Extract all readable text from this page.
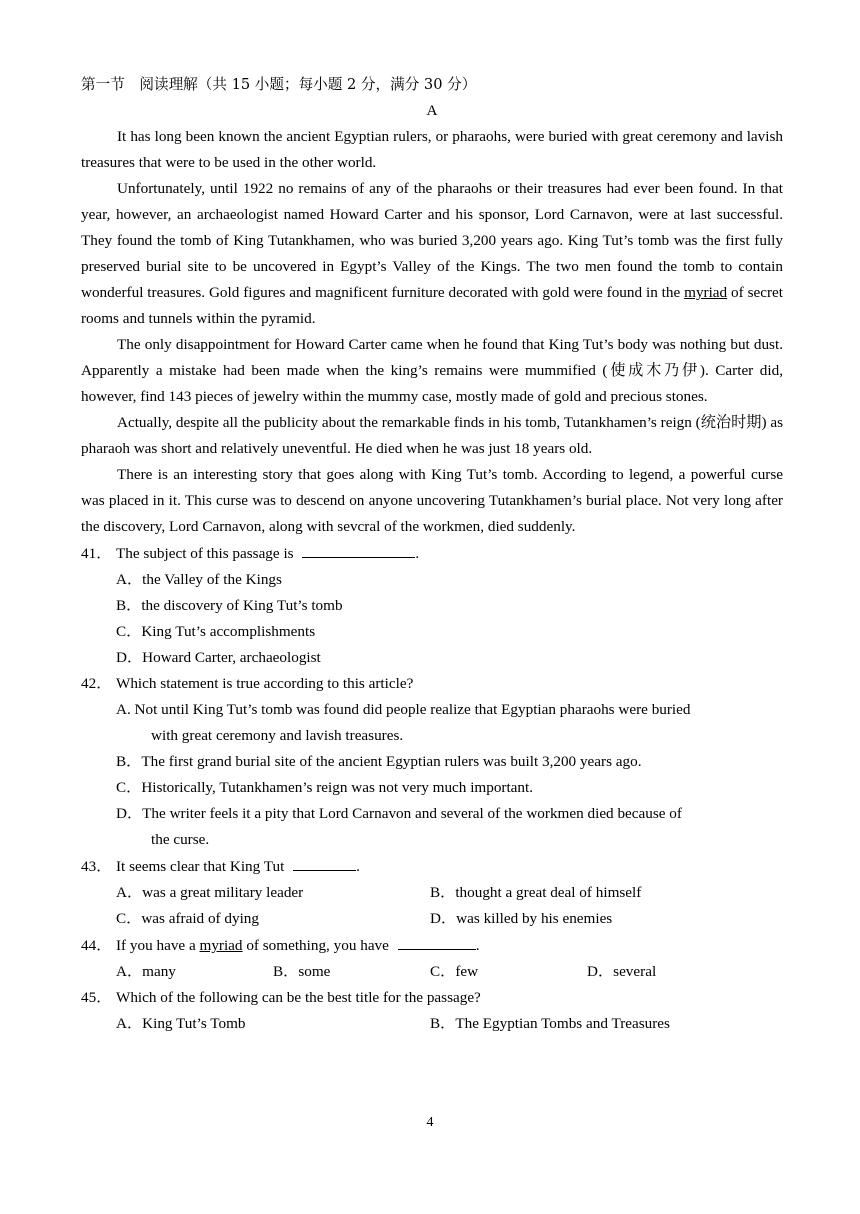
第一节　阅读理解（共 15 小题；每小题 2 分，满分 30 分）
A

It has long been known the ancient Egyptian rulers, or pharaohs, were buried with great ceremony and lavish treasures that were to be used in the other world.

Unfortunately, until 1922 no remains of any of the pharaohs or their treasures had ever been found. In that year, however, an archaeologist named Howard Carter and his sponsor, Lord Carnavon, were at last successful. They found the tomb of King Tutankhamen, who was buried 3,200 years ago. King Tut’s tomb was the first fully preserved burial site to be uncovered in Egypt’s Valley of the Kings. The two men found the tomb to contain wonderful treasures. Gold figures and magnificent furniture decorated with gold were found in the myriad of secret rooms and tunnels within the pyramid.

The only disappointment for Howard Carter came when he found that King Tut’s body was nothing but dust. Apparently a mistake had been made when the king’s remains were mummified (使成木乃伊). Carter did, however, find 143 pieces of jewelry within the mummy case, mostly made of gold and precious stones.

Actually, despite all the publicity about the remarkable finds in his tomb, Tutankhamen’s reign (统治时期) as pharaoh was short and relatively uneventful. He died when he was just 18 years old.

There is an interesting story that goes along with King Tut’s tomb. According to legend, a powerful curse was placed in it. This curse was to descend on anyone uncovering Tutankhamen’s burial place. Not very long after the discovery, Lord Carnavon, along with sevcral of the workmen, died suddenly.

41． The subject of this passage is	.
A．the Valley of the Kings
B．the discovery of King Tut’s tomb
C．King Tut’s accomplishments
D．Howard Carter, archaeologist
42． Which statement is true according to this article?
A. Not until King Tut’s tomb was found did people realize that Egyptian pharaohs were buried
with great ceremony and lavish treasures.
B．The first grand burial site of the ancient Egyptian rulers was built 3,200 years ago.
C．Historically, Tutankhamen’s reign was not very much important.
D．The writer feels it a pity that Lord Carnavon and several of the workmen died because of
the curse.
43． It seems clear that King Tut	.
A．was a great military leader	B．thought a great deal of himself
C．was afraid of dying	D．was killed by his enemies
44． If you have a myriad of something, you have	.
A．many	B．some	C．few	D．several
45． Which of the following can be the best title for the passage?
A．King Tut’s Tomb	B．The Egyptian Tombs and Treasures
4
